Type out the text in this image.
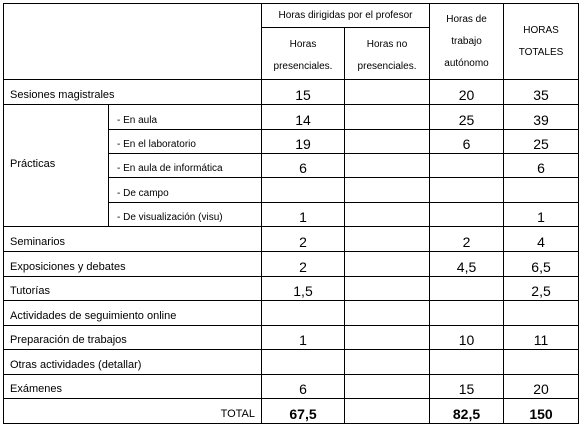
		Horas dirigidas por el profesor		Horas de trabajo autónomo	HORAS TOTALES
		Horas presenciales.	Horas no presenciales.		
Sesiones magistrales		15		20	35
Prácticas	- En aula	14		25	39
	- En el laboratorio	19		6	25
	- En aula de informática	6			6
	- De campo				
	- De visualización (visu)	1			1
Seminarios		2		2	4
Exposiciones y debates		2		4,5	6,5
Tutorías		1,5			2,5
Actividades de seguimiento online					
Preparación de trabajos		1		10	11
Otras actividades (detallar)					
Exámenes		6		15	20
TOTAL		67,5		82,5	150
